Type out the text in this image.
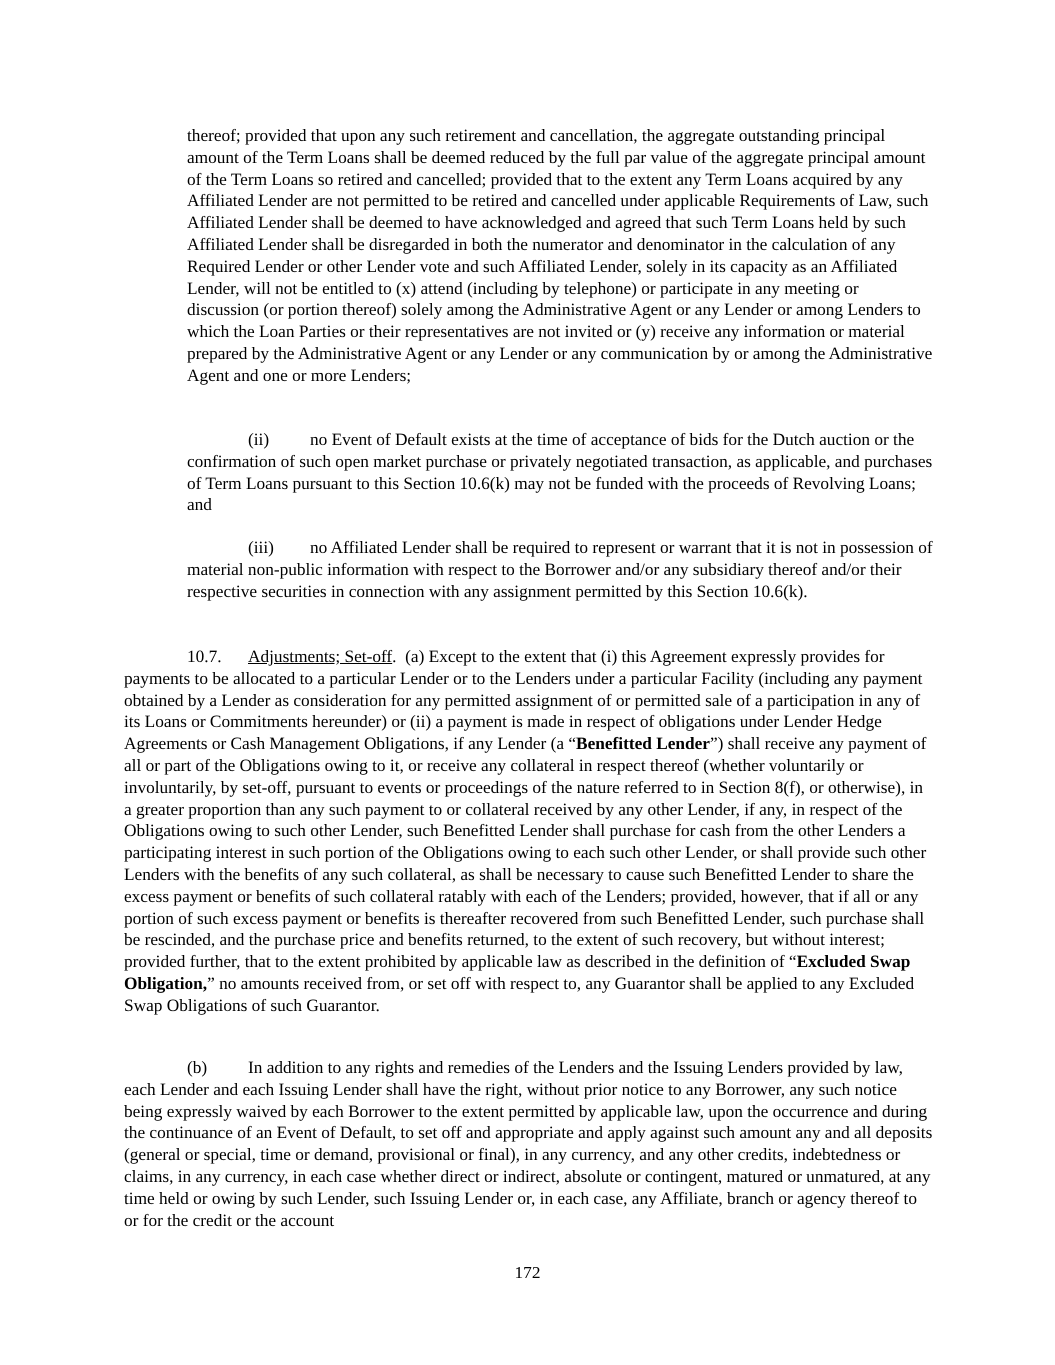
thereof; provided that upon any such retirement and cancellation, the aggregate outstanding principal amount of the Term Loans shall be deemed reduced by the full par value of the aggregate principal amount of the Term Loans so retired and cancelled; provided that to the extent any Term Loans acquired by any Affiliated Lender are not permitted to be retired and cancelled under applicable Requirements of Law, such Affiliated Lender shall be deemed to have acknowledged and agreed that such Term Loans held by such Affiliated Lender shall be disregarded in both the numerator and denominator in the calculation of any Required Lender or other Lender vote and such Affiliated Lender, solely in its capacity as an Affiliated Lender, will not be entitled to (x) attend (including by telephone) or participate in any meeting or discussion (or portion thereof) solely among the Administrative Agent or any Lender or among Lenders to which the Loan Parties or their representatives are not invited or (y) receive any information or material prepared by the Administrative Agent or any Lender or any communication by or among the Administrative Agent and one or more Lenders;

(ii) no Event of Default exists at the time of acceptance of bids for the Dutch auction or the confirmation of such open market purchase or privately negotiated transaction, as applicable, and purchases of Term Loans pursuant to this Section 10.6(k) may not be funded with the proceeds of Revolving Loans; and

(iii) no Affiliated Lender shall be required to represent or warrant that it is not in possession of material non-public information with respect to the Borrower and/or any subsidiary thereof and/or their respective securities in connection with any assignment permitted by this Section 10.6(k).

10.7. Adjustments; Set-off. (a) Except to the extent that (i) this Agreement expressly provides for payments to be allocated to a particular Lender or to the Lenders under a particular Facility (including any payment obtained by a Lender as consideration for any permitted assignment of or permitted sale of a participation in any of its Loans or Commitments hereunder) or (ii) a payment is made in respect of obligations under Lender Hedge Agreements or Cash Management Obligations, if any Lender (a “Benefitted Lender”) shall receive any payment of all or part of the Obligations owing to it, or receive any collateral in respect thereof (whether voluntarily or involuntarily, by set-off, pursuant to events or proceedings of the nature referred to in Section 8(f), or otherwise), in a greater proportion than any such payment to or collateral received by any other Lender, if any, in respect of the Obligations owing to such other Lender, such Benefitted Lender shall purchase for cash from the other Lenders a participating interest in such portion of the Obligations owing to each such other Lender, or shall provide such other Lenders with the benefits of any such collateral, as shall be necessary to cause such Benefitted Lender to share the excess payment or benefits of such collateral ratably with each of the Lenders; provided, however, that if all or any portion of such excess payment or benefits is thereafter recovered from such Benefitted Lender, such purchase shall be rescinded, and the purchase price and benefits returned, to the extent of such recovery, but without interest; provided further, that to the extent prohibited by applicable law as described in the definition of “Excluded Swap Obligation,” no amounts received from, or set off with respect to, any Guarantor shall be applied to any Excluded Swap Obligations of such Guarantor.

(b) In addition to any rights and remedies of the Lenders and the Issuing Lenders provided by law, each Lender and each Issuing Lender shall have the right, without prior notice to any Borrower, any such notice being expressly waived by each Borrower to the extent permitted by applicable law, upon the occurrence and during the continuance of an Event of Default, to set off and appropriate and apply against such amount any and all deposits (general or special, time or demand, provisional or final), in any currency, and any other credits, indebtedness or claims, in any currency, in each case whether direct or indirect, absolute or contingent, matured or unmatured, at any time held or owing by such Lender, such Issuing Lender or, in each case, any Affiliate, branch or agency thereof to or for the credit or the account

172
